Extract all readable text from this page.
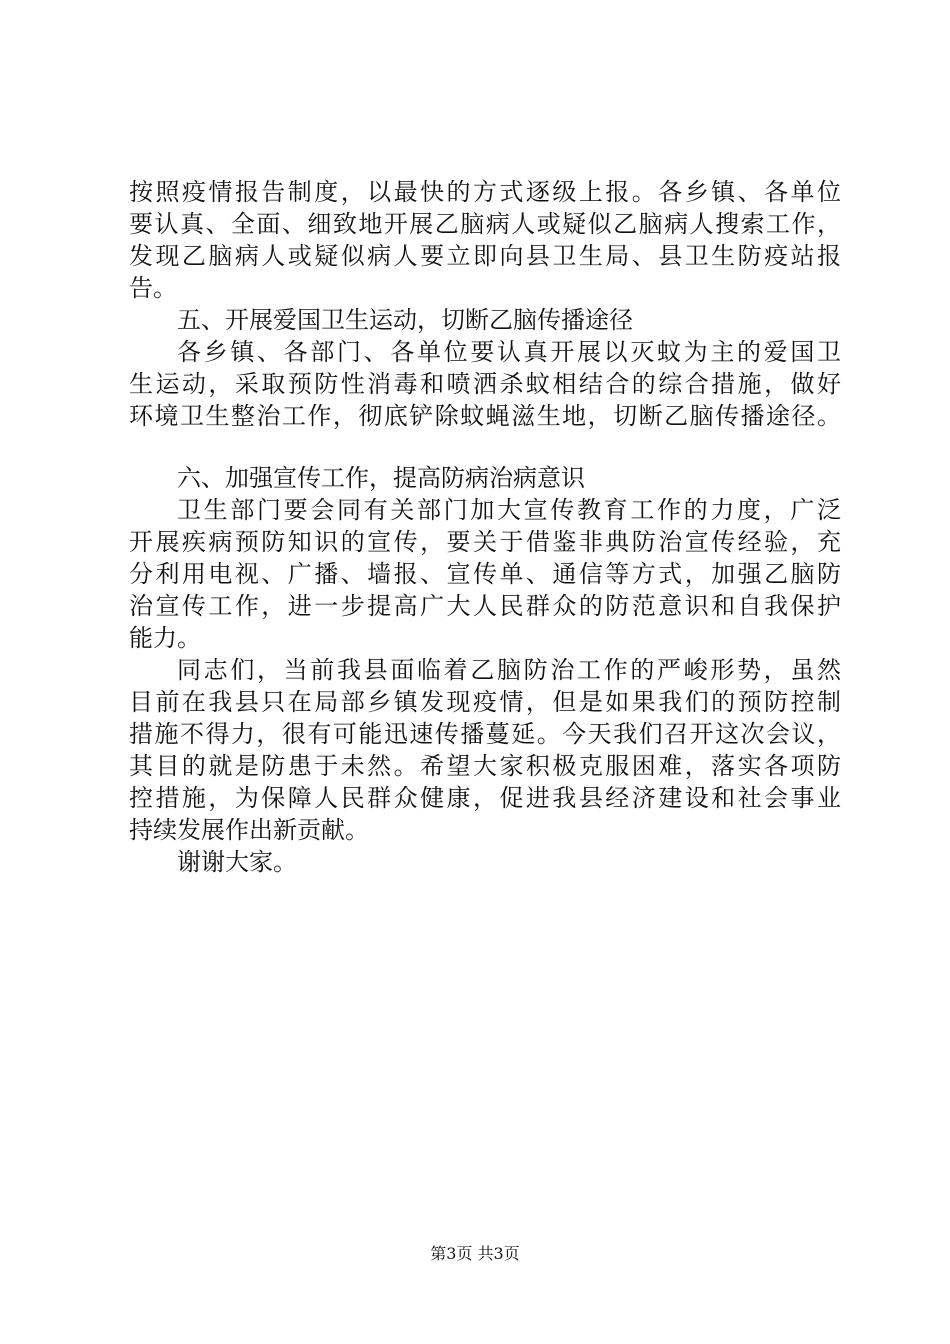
按照疫情报告制度，以最快的方式逐级上报。各乡镇、各单位
要认真、全面、细致地开展乙脑病人或疑似乙脑病人搜索工作，
发现乙脑病人或疑似病人要立即向县卫生局、县卫生防疫站报
告。
五、开展爱国卫生运动，切断乙脑传播途径
各乡镇、各部门、各单位要认真开展以灭蚊为主的爱国卫
生运动，采取预防性消毒和喷洒杀蚊相结合的综合措施，做好
环境卫生整治工作，彻底铲除蚊蝇滋生地，切断乙脑传播途径。
六、加强宣传工作，提高防病治病意识
卫生部门要会同有关部门加大宣传教育工作的力度，广泛
开展疾病预防知识的宣传，要关于借鉴非典防治宣传经验，充
分利用电视、广播、墙报、宣传单、通信等方式，加强乙脑防
治宣传工作，进一步提高广大人民群众的防范意识和自我保护
能力。
同志们，当前我县面临着乙脑防治工作的严峻形势，虽然
目前在我县只在局部乡镇发现疫情，但是如果我们的预防控制
措施不得力，很有可能迅速传播蔓延。今天我们召开这次会议，
其目的就是防患于未然。希望大家积极克服困难，落实各项防
控措施，为保障人民群众健康，促进我县经济建设和社会事业
持续发展作出新贡献。
谢谢大家。
第3页 共3页
